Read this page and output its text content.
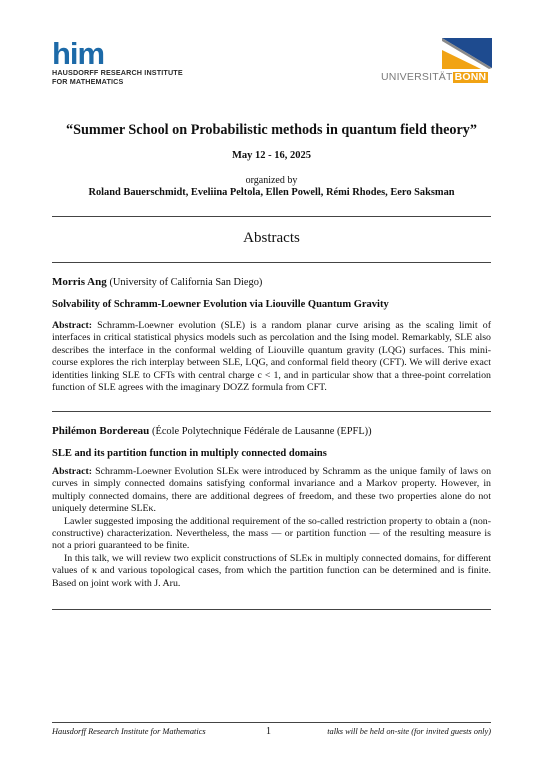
him
HAUSDORFF RESEARCH INSTITUTE
FOR MATHEMATICS	UNIVERSITÄT BONN
“Summer School on Probabilistic methods in quantum field theory”
May 12 - 16, 2025
organized by
Roland Bauerschmidt, Eveliina Peltola, Ellen Powell, Rémi Rhodes, Eero Saksman
Abstracts
Morris Ang (University of California San Diego)
Solvability of Schramm-Loewner Evolution via Liouville Quantum Gravity

Abstract: Schramm-Loewner evolution (SLE) is a random planar curve arising as the scaling limit of interfaces in critical statistical physics models such as percolation and the Ising model. Remarkably, SLE also describes the interface in the conformal welding of Liouville quantum gravity (LQG) surfaces. This mini-course explores the rich interplay between SLE, LQG, and conformal field theory (CFT). We will derive exact identities linking SLE to CFTs with central charge c < 1, and in particular show that a three-point correlation function of SLE agrees with the imaginary DOZZ formula from CFT.

Philémon Bordereau (École Polytechnique Fédérale de Lausanne (EPFL))
SLE and its partition function in multiply connected domains

Abstract: Schramm-Loewner Evolution SLEκ were introduced by Schramm as the unique family of laws on curves in simply connected domains satisfying conformal invariance and a Markov property. However, in multiply connected domains, there are additional degrees of freedom, and these two properties alone do not uniquely determine SLEκ.

Lawler suggested imposing the additional requirement of the so-called restriction property to obtain a (non-constructive) characterization. Nevertheless, the mass — or partition function — of the resulting measure is not a priori guaranteed to be finite.

In this talk, we will review two explicit constructions of SLEκ in multiply connected domains, for different values of κ and various topological cases, from which the partition function can be determined and is finite. Based on joint work with J. Aru.

Hausdorff Research Institute for Mathematics	1	talks will be held on-site (for invited guests only)
